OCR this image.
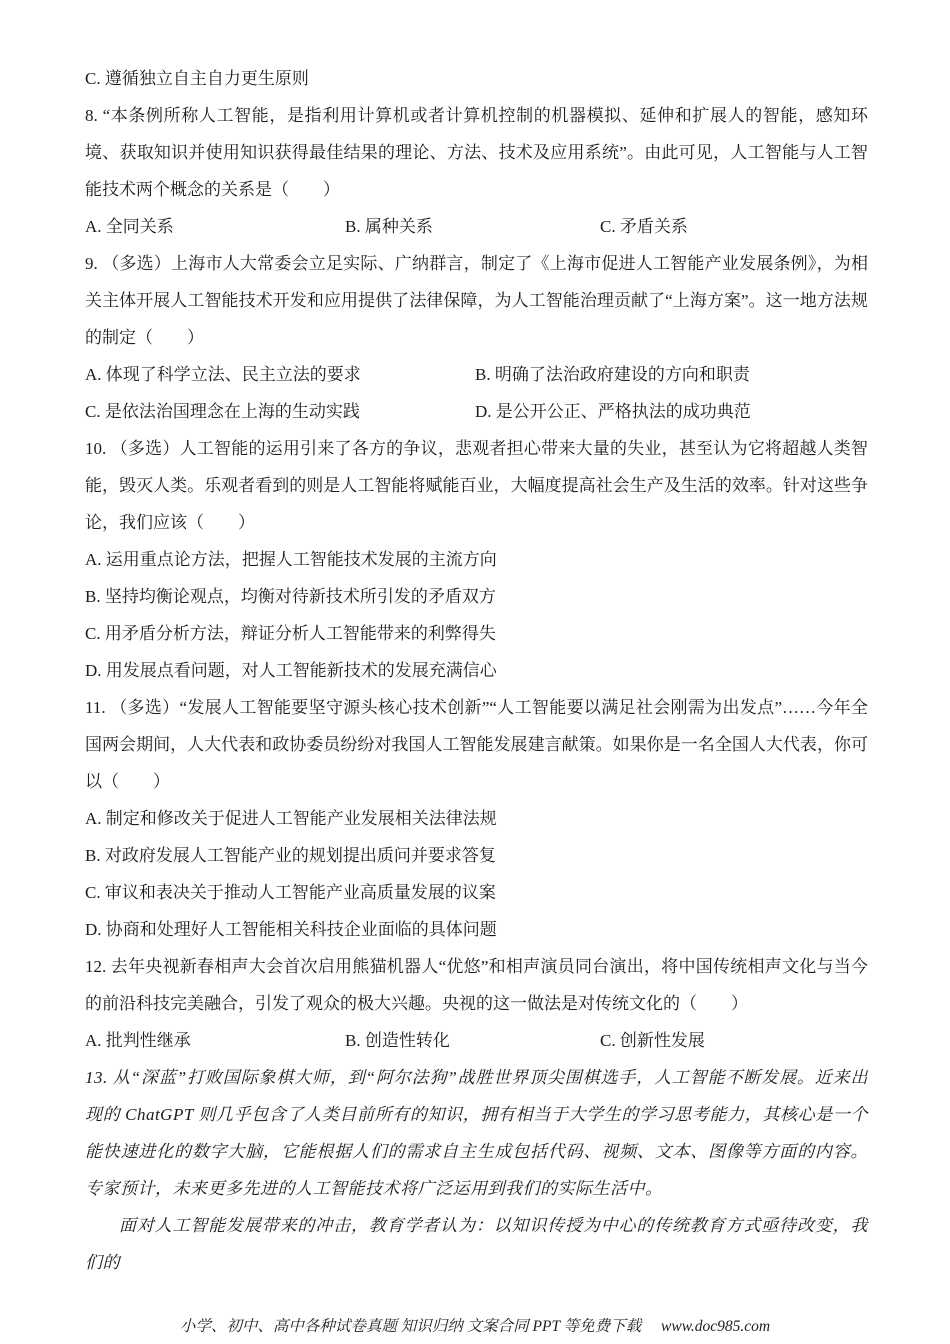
C. 遵循独立自主自力更生原则

8. “本条例所称人工智能，是指利用计算机或者计算机控制的机器模拟、延伸和扩展人的智能，感知环境、获取知识并使用知识获得最佳结果的理论、方法、技术及应用系统”。由此可见，人工智能与人工智能技术两个概念的关系是（　　）

A. 全同关系	B. 属种关系	C. 矛盾关系

9. （多选）上海市人大常委会立足实际、广纳群言，制定了《上海市促进人工智能产业发展条例》，为相关主体开展人工智能技术开发和应用提供了法律保障，为人工智能治理贡献了“上海方案”。这一地方法规的制定（　　）

A. 体现了科学立法、民主立法的要求	B. 明确了法治政府建设的方向和职责
C. 是依法治国理念在上海的生动实践	D. 是公开公正、严格执法的成功典范

10. （多选）人工智能的运用引来了各方的争议，悲观者担心带来大量的失业，甚至认为它将超越人类智能，毁灭人类。乐观者看到的则是人工智能将赋能百业，大幅度提高社会生产及生活的效率。针对这些争论，我们应该（　　）

A. 运用重点论方法，把握人工智能技术发展的主流方向
B. 坚持均衡论观点，均衡对待新技术所引发的矛盾双方
C. 用矛盾分析方法，辩证分析人工智能带来的利弊得失
D. 用发展点看问题，对人工智能新技术的发展充满信心

11. （多选）“发展人工智能要坚守源头核心技术创新”“人工智能要以满足社会刚需为出发点”……今年全国两会期间，人大代表和政协委员纷纷对我国人工智能发展建言献策。如果你是一名全国人大代表，你可以（　　）

A. 制定和修改关于促进人工智能产业发展相关法律法规
B. 对政府发展人工智能产业的规划提出质问并要求答复
C. 审议和表决关于推动人工智能产业高质量发展的议案
D. 协商和处理好人工智能相关科技企业面临的具体问题

12. 去年央视新春相声大会首次启用熊猫机器人“优悠”和相声演员同台演出，将中国传统相声文化与当今的前沿科技完美融合，引发了观众的极大兴趣。央视的这一做法是对传统文化的（　　）

A. 批判性继承	B. 创造性转化	C. 创新性发展

13. 从“深蓝”打败国际象棋大师，到“阿尔法狗”战胜世界顶尖围棋选手，人工智能不断发展。近来出现的 ChatGPT 则几乎包含了人类目前所有的知识，拥有相当于大学生的学习思考能力，其核心是一个能快速进化的数字大脑，它能根据人们的需求自主生成包括代码、视频、文本、图像等方面的内容。专家预计，未来更多先进的人工智能技术将广泛运用到我们的实际生活中。

面对人工智能发展带来的冲击，教育学者认为：以知识传授为中心的传统教育方式亟待改变，我们的

小学、初中、高中各种试卷真题 知识归纳 文案合同 PPT 等免费下载 www.doc985.com
